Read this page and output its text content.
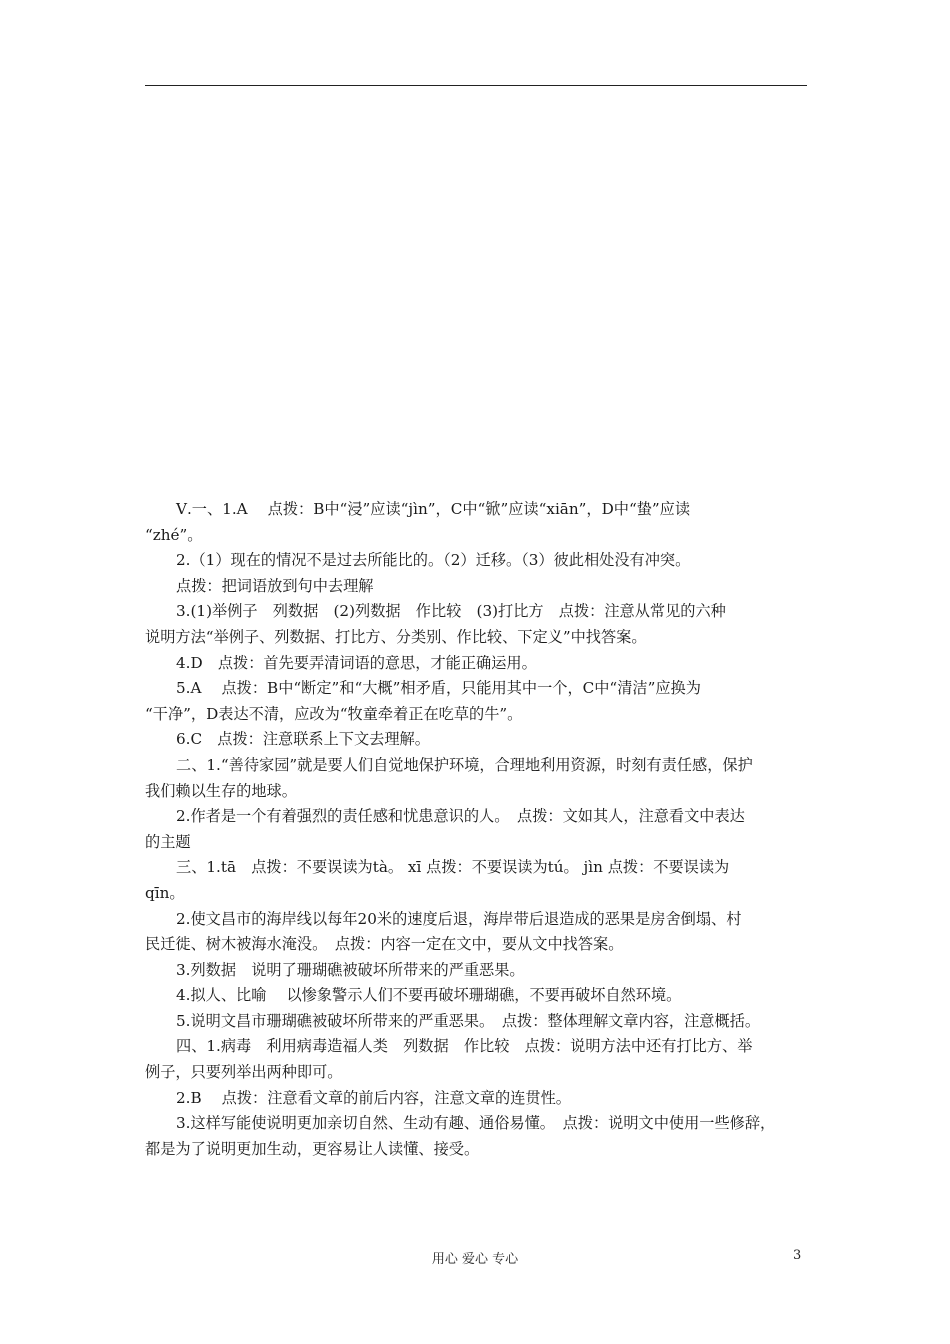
Ⅴ.一、1.A　 点拨：B中“浸”应读“jìn”，C中“锨”应读“xiān”，D中“蛰”应读
“zhé”。
2.（1）现在的情况不是过去所能比的。（2）迁移。（3）彼此相处没有冲突。
点拨：把词语放到句中去理解
3.(1)举例子　列数据　(2)列数据　作比较　(3)打比方　点拨：注意从常见的六种
说明方法“举例子、列数据、打比方、分类别、作比较、下定义”中找答案。
4.D　点拨：首先要弄清词语的意思，才能正确运用。
5.A　 点拨：B中“断定”和“大概”相矛盾，只能用其中一个，C中“清洁”应换为
“干净”，D表达不清，应改为“牧童牵着正在吃草的牛”。
6.C　点拨：注意联系上下文去理解。
二、1.“善待家园”就是要人们自觉地保护环境，合理地利用资源，时刻有责任感，保护
我们赖以生存的地球。
2.作者是一个有着强烈的责任感和忧患意识的人。　点拨：文如其人，注意看文中表达
的主题
三、1.tā　点拨：不要误读为tà。 xī 点拨：不要误读为tú。 jìn 点拨：不要误读为
qīn。
2.使文昌市的海岸线以每年20米的速度后退，海岸带后退造成的恶果是房舍倒塌、村
民迁徙、树木被海水淹没。　点拨：内容一定在文中，要从文中找答案。
3.列数据　说明了珊瑚礁被破坏所带来的严重恶果。
4.拟人、比喻　 以惨象警示人们不要再破坏珊瑚礁，不要再破坏自然环境。
5.说明文昌市珊瑚礁被破坏所带来的严重恶果。　点拨：整体理解文章内容，注意概括。
四、1.病毒　利用病毒造福人类　列数据　作比较　点拨：说明方法中还有打比方、举
例子，只要列举出两种即可。
2.B　 点拨：注意看文章的前后内容，注意文章的连贯性。
3.这样写能使说明更加亲切自然、生动有趣、通俗易懂。　点拨：说明文中使用一些修辞，
都是为了说明更加生动，更容易让人读懂、接受。
用心 爱心 专心	3
